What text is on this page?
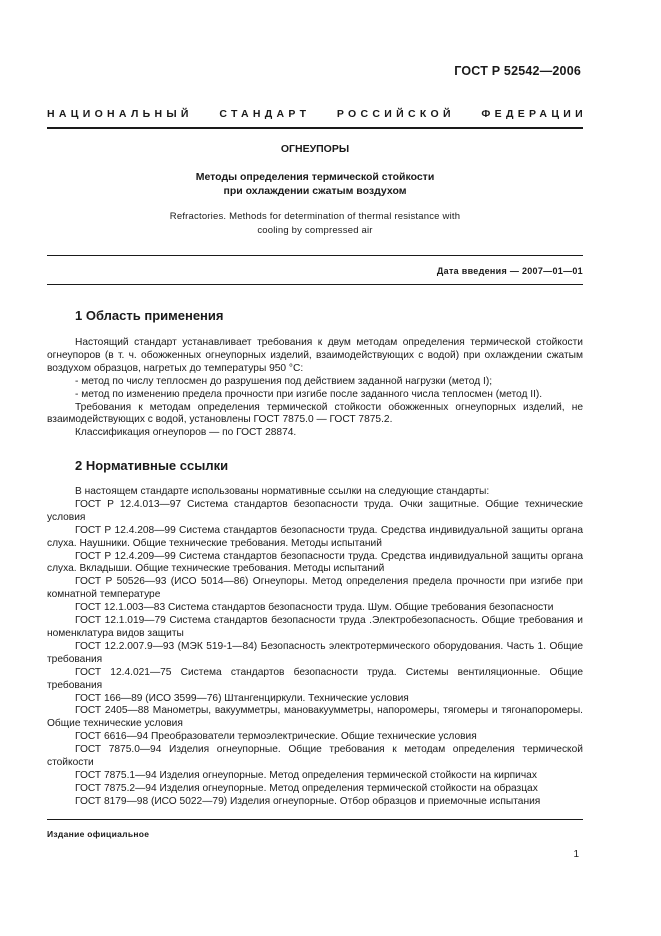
ГОСТ Р 52542—2006
НАЦИОНАЛЬНЫЙ	СТАНДАРТ	РОССИЙСКОЙ	ФЕДЕРАЦИИ
ОГНЕУПОРЫ
Методы определения термической стойкости
при охлаждении сжатым воздухом
Refractories. Methods for determination of thermal resistance with
cooling by compressed air
Дата введения — 2007—01—01
1 Область применения

Настоящий стандарт устанавливает требования к двум методам определения термической стойкости огнеупоров (в т. ч. обожженных огнеупорных изделий, взаимодействующих с водой) при охлаждении сжатым воздухом образцов, нагретых до температуры 950 °С:

- метод по числу теплосмен до разрушения под действием заданной нагрузки (метод I);

- метод по изменению предела прочности при изгибе после заданного числа теплосмен (метод II).

Требования к методам определения термической стойкости обожженных огнеупорных изделий, не взаимодействующих с водой, установлены ГОСТ 7875.0 — ГОСТ 7875.2.

Классификация огнеупоров — по ГОСТ 28874.

2 Нормативные ссылки

В настоящем стандарте использованы нормативные ссылки на следующие стандарты:

ГОСТ Р 12.4.013—97 Система стандартов безопасности труда. Очки защитные. Общие технические условия

ГОСТ Р 12.4.208—99 Система стандартов безопасности труда. Средства индивидуальной защиты органа слуха. Наушники. Общие технические требования. Методы испытаний

ГОСТ Р 12.4.209—99 Система стандартов безопасности труда. Средства индивидуальной защиты органа слуха. Вкладыши. Общие технические требования. Методы испытаний

ГОСТ Р 50526—93 (ИСО 5014—86) Огнеупоры. Метод определения предела прочности при изгибе при комнатной температуре

ГОСТ 12.1.003—83 Система стандартов безопасности труда. Шум. Общие требования безопасности

ГОСТ 12.1.019—79 Система стандартов безопасности труда .Электробезопасность. Общие требования и номенклатура видов защиты

ГОСТ 12.2.007.9—93 (МЭК 519-1—84) Безопасность электротермического оборудования. Часть 1. Общие требования

ГОСТ 12.4.021—75 Система стандартов безопасности труда. Системы вентиляционные. Общие требования

ГОСТ 166—89 (ИСО 3599—76) Штангенциркули. Технические условия

ГОСТ 2405—88 Манометры, вакуумметры, мановакуумметры, напоромеры, тягомеры и тягонапоромеры. Общие технические условия

ГОСТ 6616—94 Преобразователи термоэлектрические. Общие технические условия

ГОСТ 7875.0—94 Изделия огнеупорные. Общие требования к методам определения термической стойкости

ГОСТ 7875.1—94 Изделия огнеупорные. Метод определения термической стойкости на кирпичах

ГОСТ 7875.2—94 Изделия огнеупорные. Метод определения термической стойкости на образцах

ГОСТ 8179—98 (ИСО 5022—79) Изделия огнеупорные. Отбор образцов и приемочные испытания

Издание официальное
1
